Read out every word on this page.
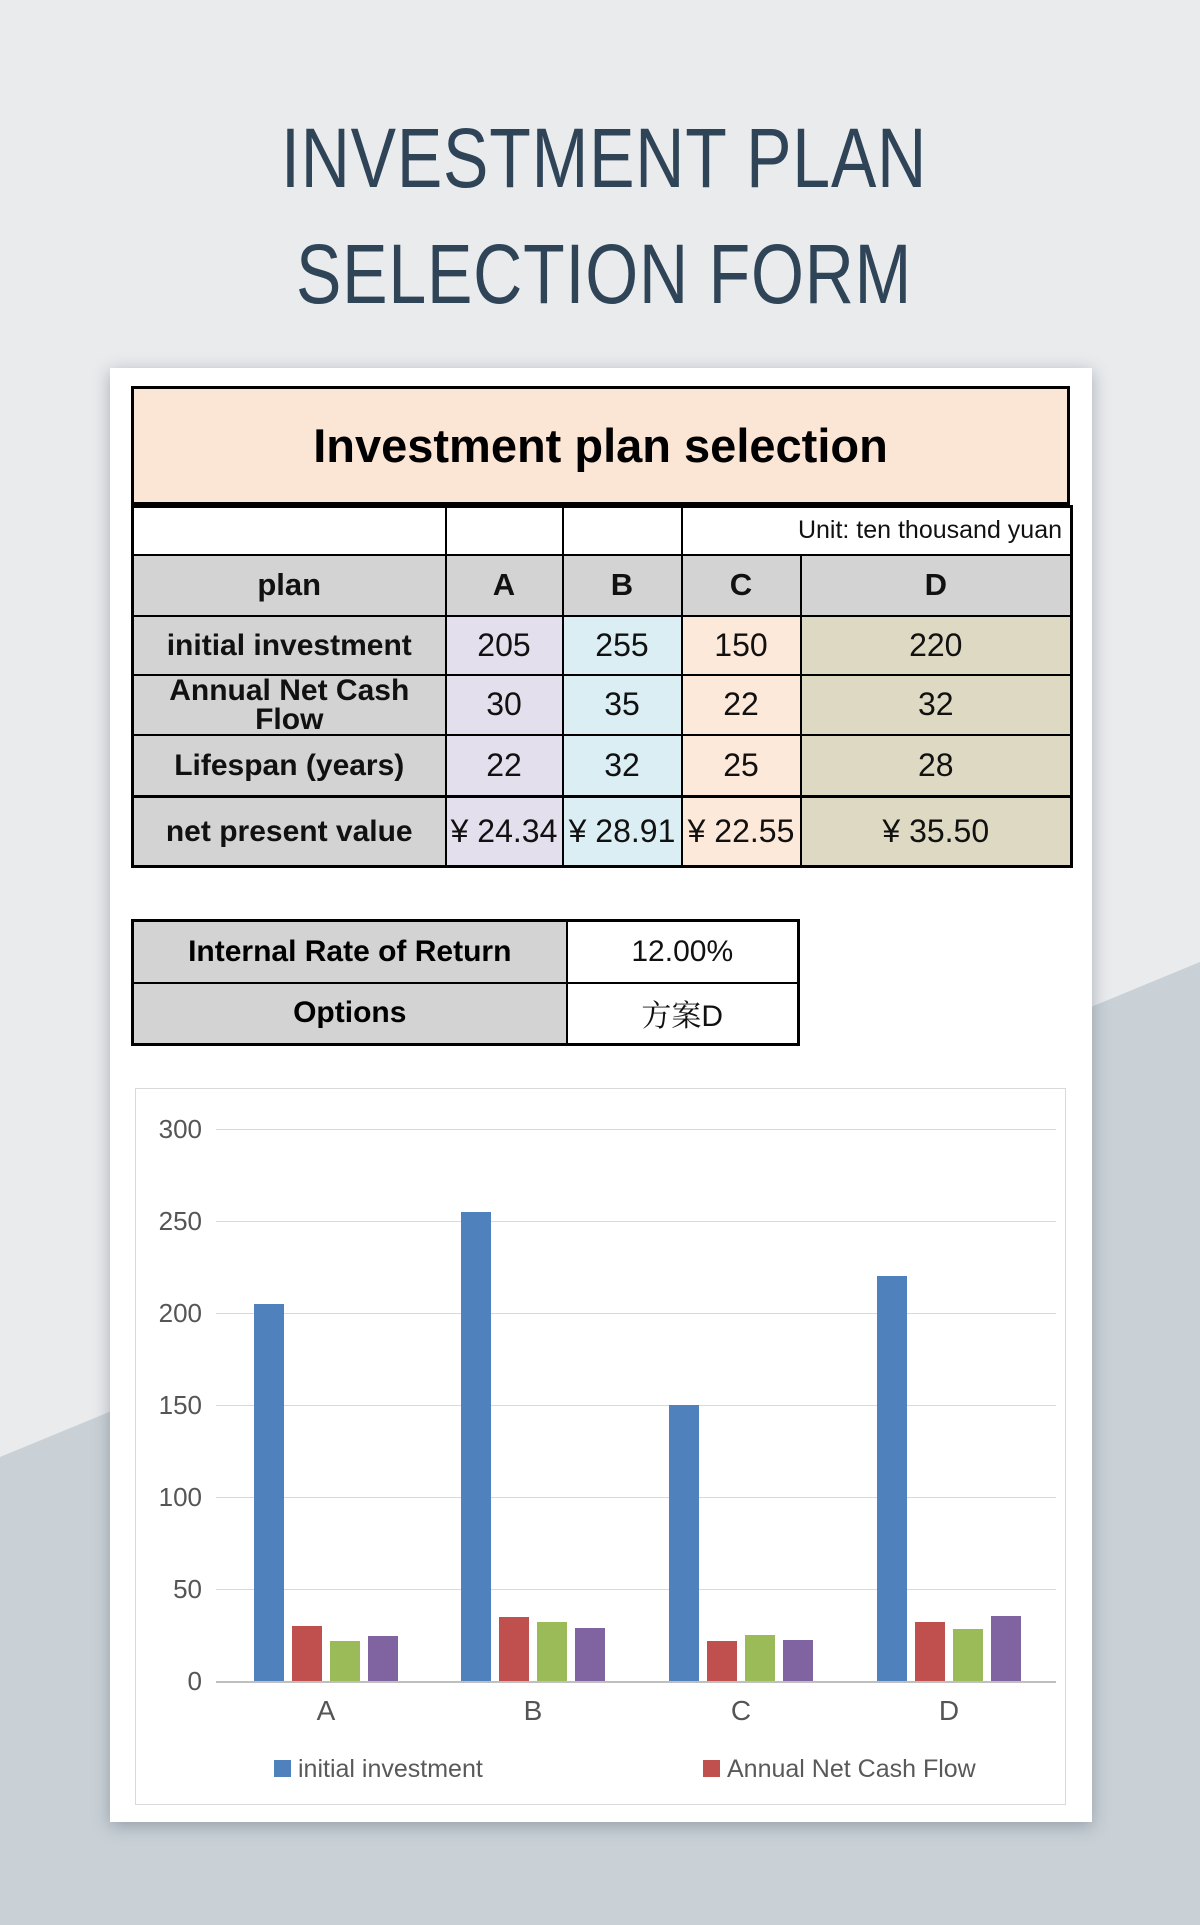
INVESTMENT PLAN
SELECTION FORM
Investment plan selection
			Unit: ten thousand yuan	
plan	A	B	C	D
initial investment	205	255	150	220
Annual Net Cash Flow	30	35	22	32
Lifespan (years)	22	32	25	28
net present value	¥ 24.34	¥ 28.91	¥ 22.55	¥ 35.50
Internal Rate of Return	12.00%
Options	方案D
300
250
200
150
100
50
0
A	B	C	D
initial investment	Annual Net Cash Flow
